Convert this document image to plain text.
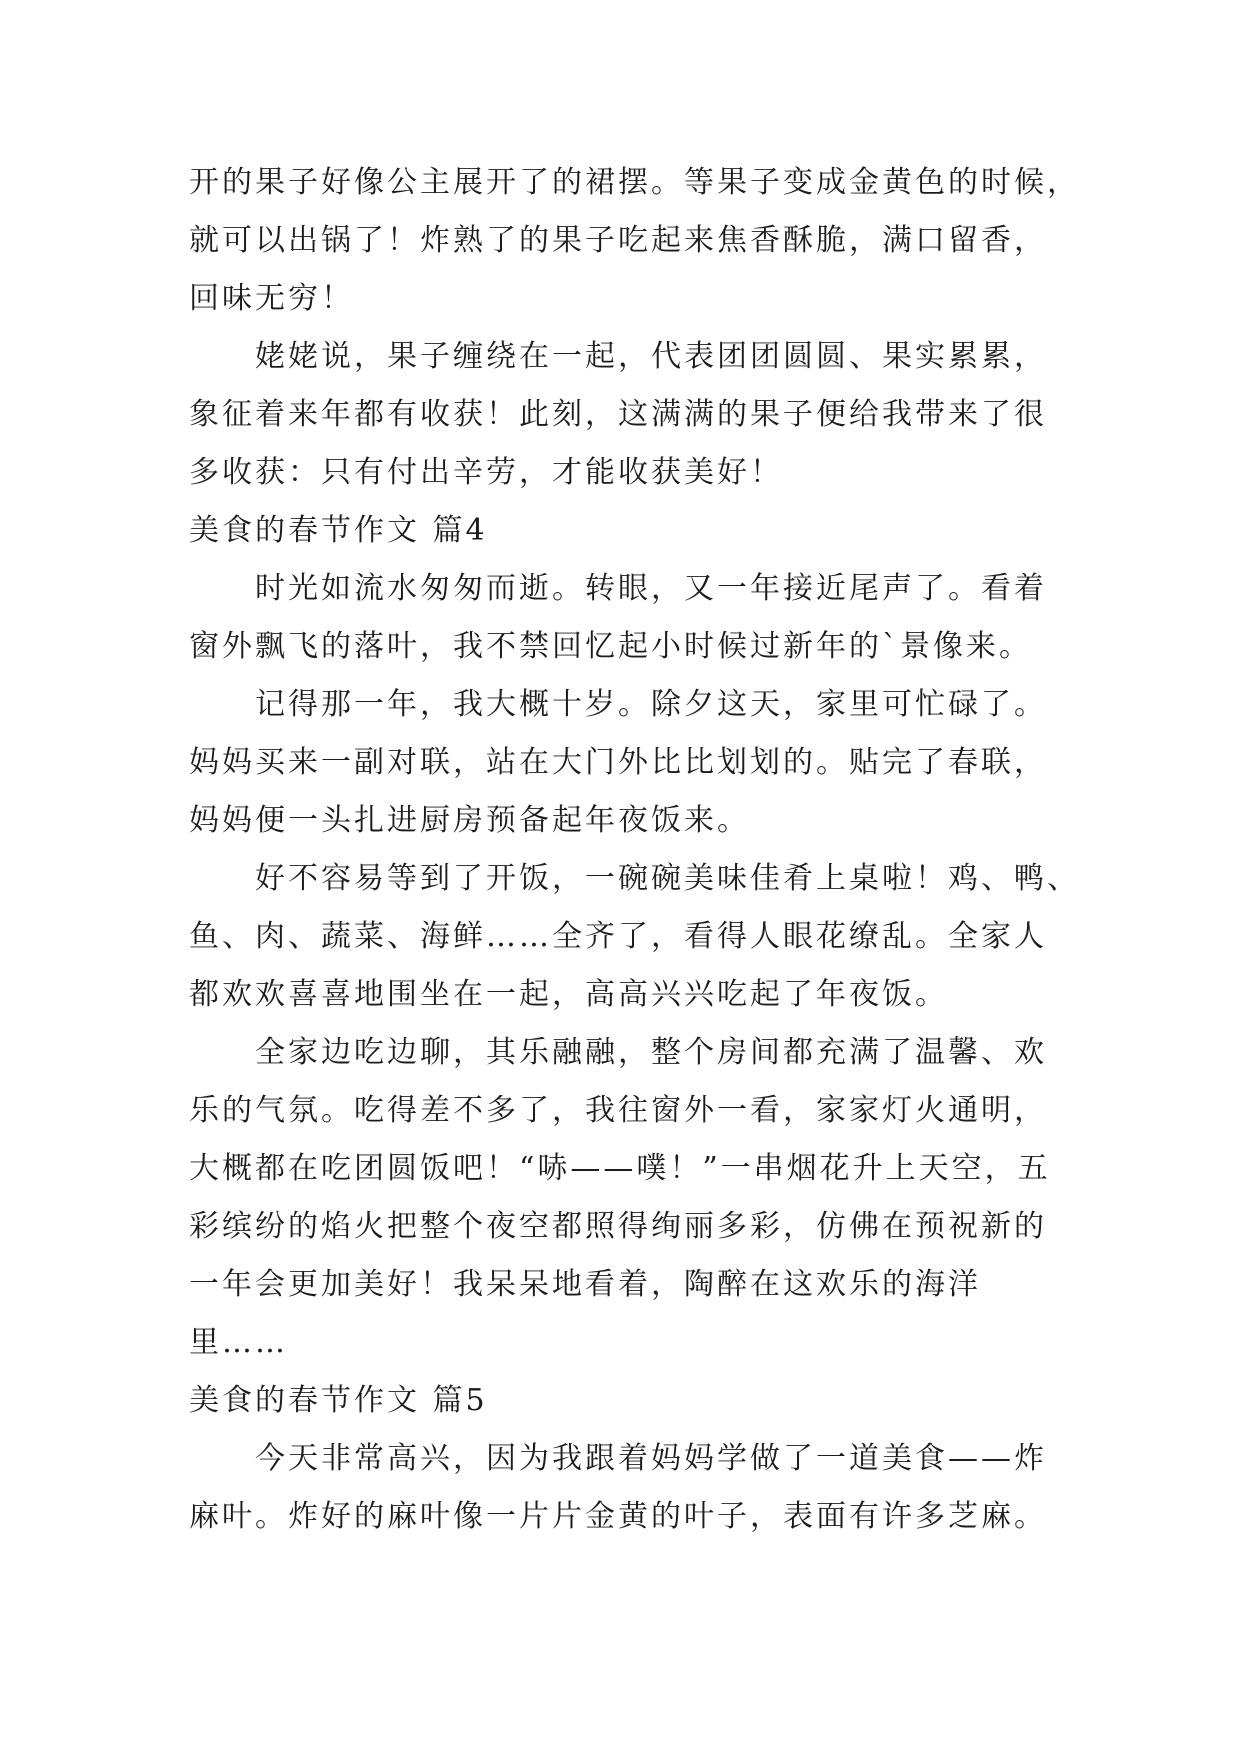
开的果子好像公主展开了的裙摆。等果子变成金黄色的时候，
就可以出锅了！炸熟了的果子吃起来焦香酥脆，满口留香，
回味无穷！
姥姥说，果子缠绕在一起，代表团团圆圆、果实累累，
象征着来年都有收获！此刻，这满满的果子便给我带来了很
多收获：只有付出辛劳，才能收获美好！
美食的春节作文 篇4
时光如流水匆匆而逝。转眼，又一年接近尾声了。看着
窗外飘飞的落叶，我不禁回忆起小时候过新年的`景像来。
记得那一年，我大概十岁。除夕这天，家里可忙碌了。
妈妈买来一副对联，站在大门外比比划划的。贴完了春联，
妈妈便一头扎进厨房预备起年夜饭来。
好不容易等到了开饭，一碗碗美味佳肴上桌啦！鸡、鸭、
鱼、肉、蔬菜、海鲜……全齐了，看得人眼花缭乱。全家人
都欢欢喜喜地围坐在一起，高高兴兴吃起了年夜饭。
全家边吃边聊，其乐融融，整个房间都充满了温馨、欢
乐的气氛。吃得差不多了，我往窗外一看，家家灯火通明，
大概都在吃团圆饭吧！“哧——噗！”一串烟花升上天空，五
彩缤纷的焰火把整个夜空都照得绚丽多彩，仿佛在预祝新的
一年会更加美好！我呆呆地看着，陶醉在这欢乐的海洋
里……
美食的春节作文 篇5
今天非常高兴，因为我跟着妈妈学做了一道美食——炸
麻叶。炸好的麻叶像一片片金黄的叶子，表面有许多芝麻。
